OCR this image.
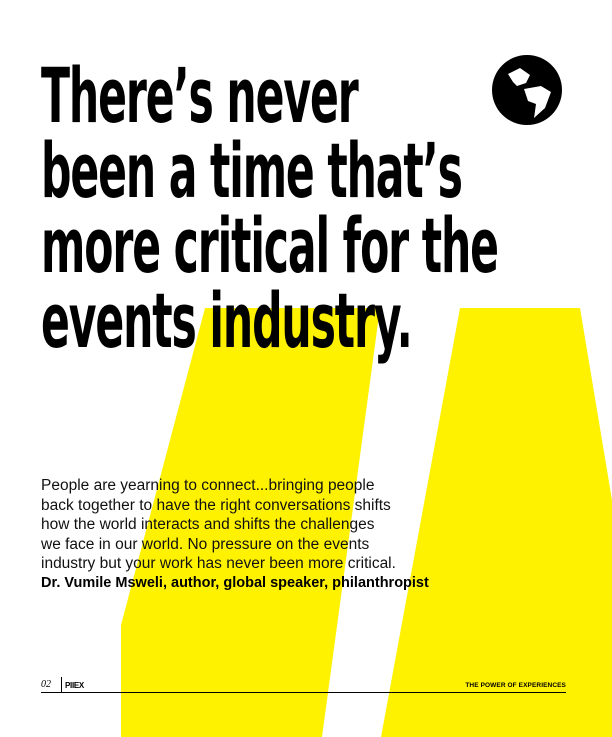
There’s never
been a time that’s
more critical for the
events industry.

People are yearning to connect...bringing people
back together to have the right conversations shifts
how the world interacts and shifts the challenges
we face in our world. No pressure on the events
industry but your work has never been more critical.

Dr. Vumile Msweli, author, global speaker, philanthropist

02 PIIEX	THE POWER OF EXPERIENCES
